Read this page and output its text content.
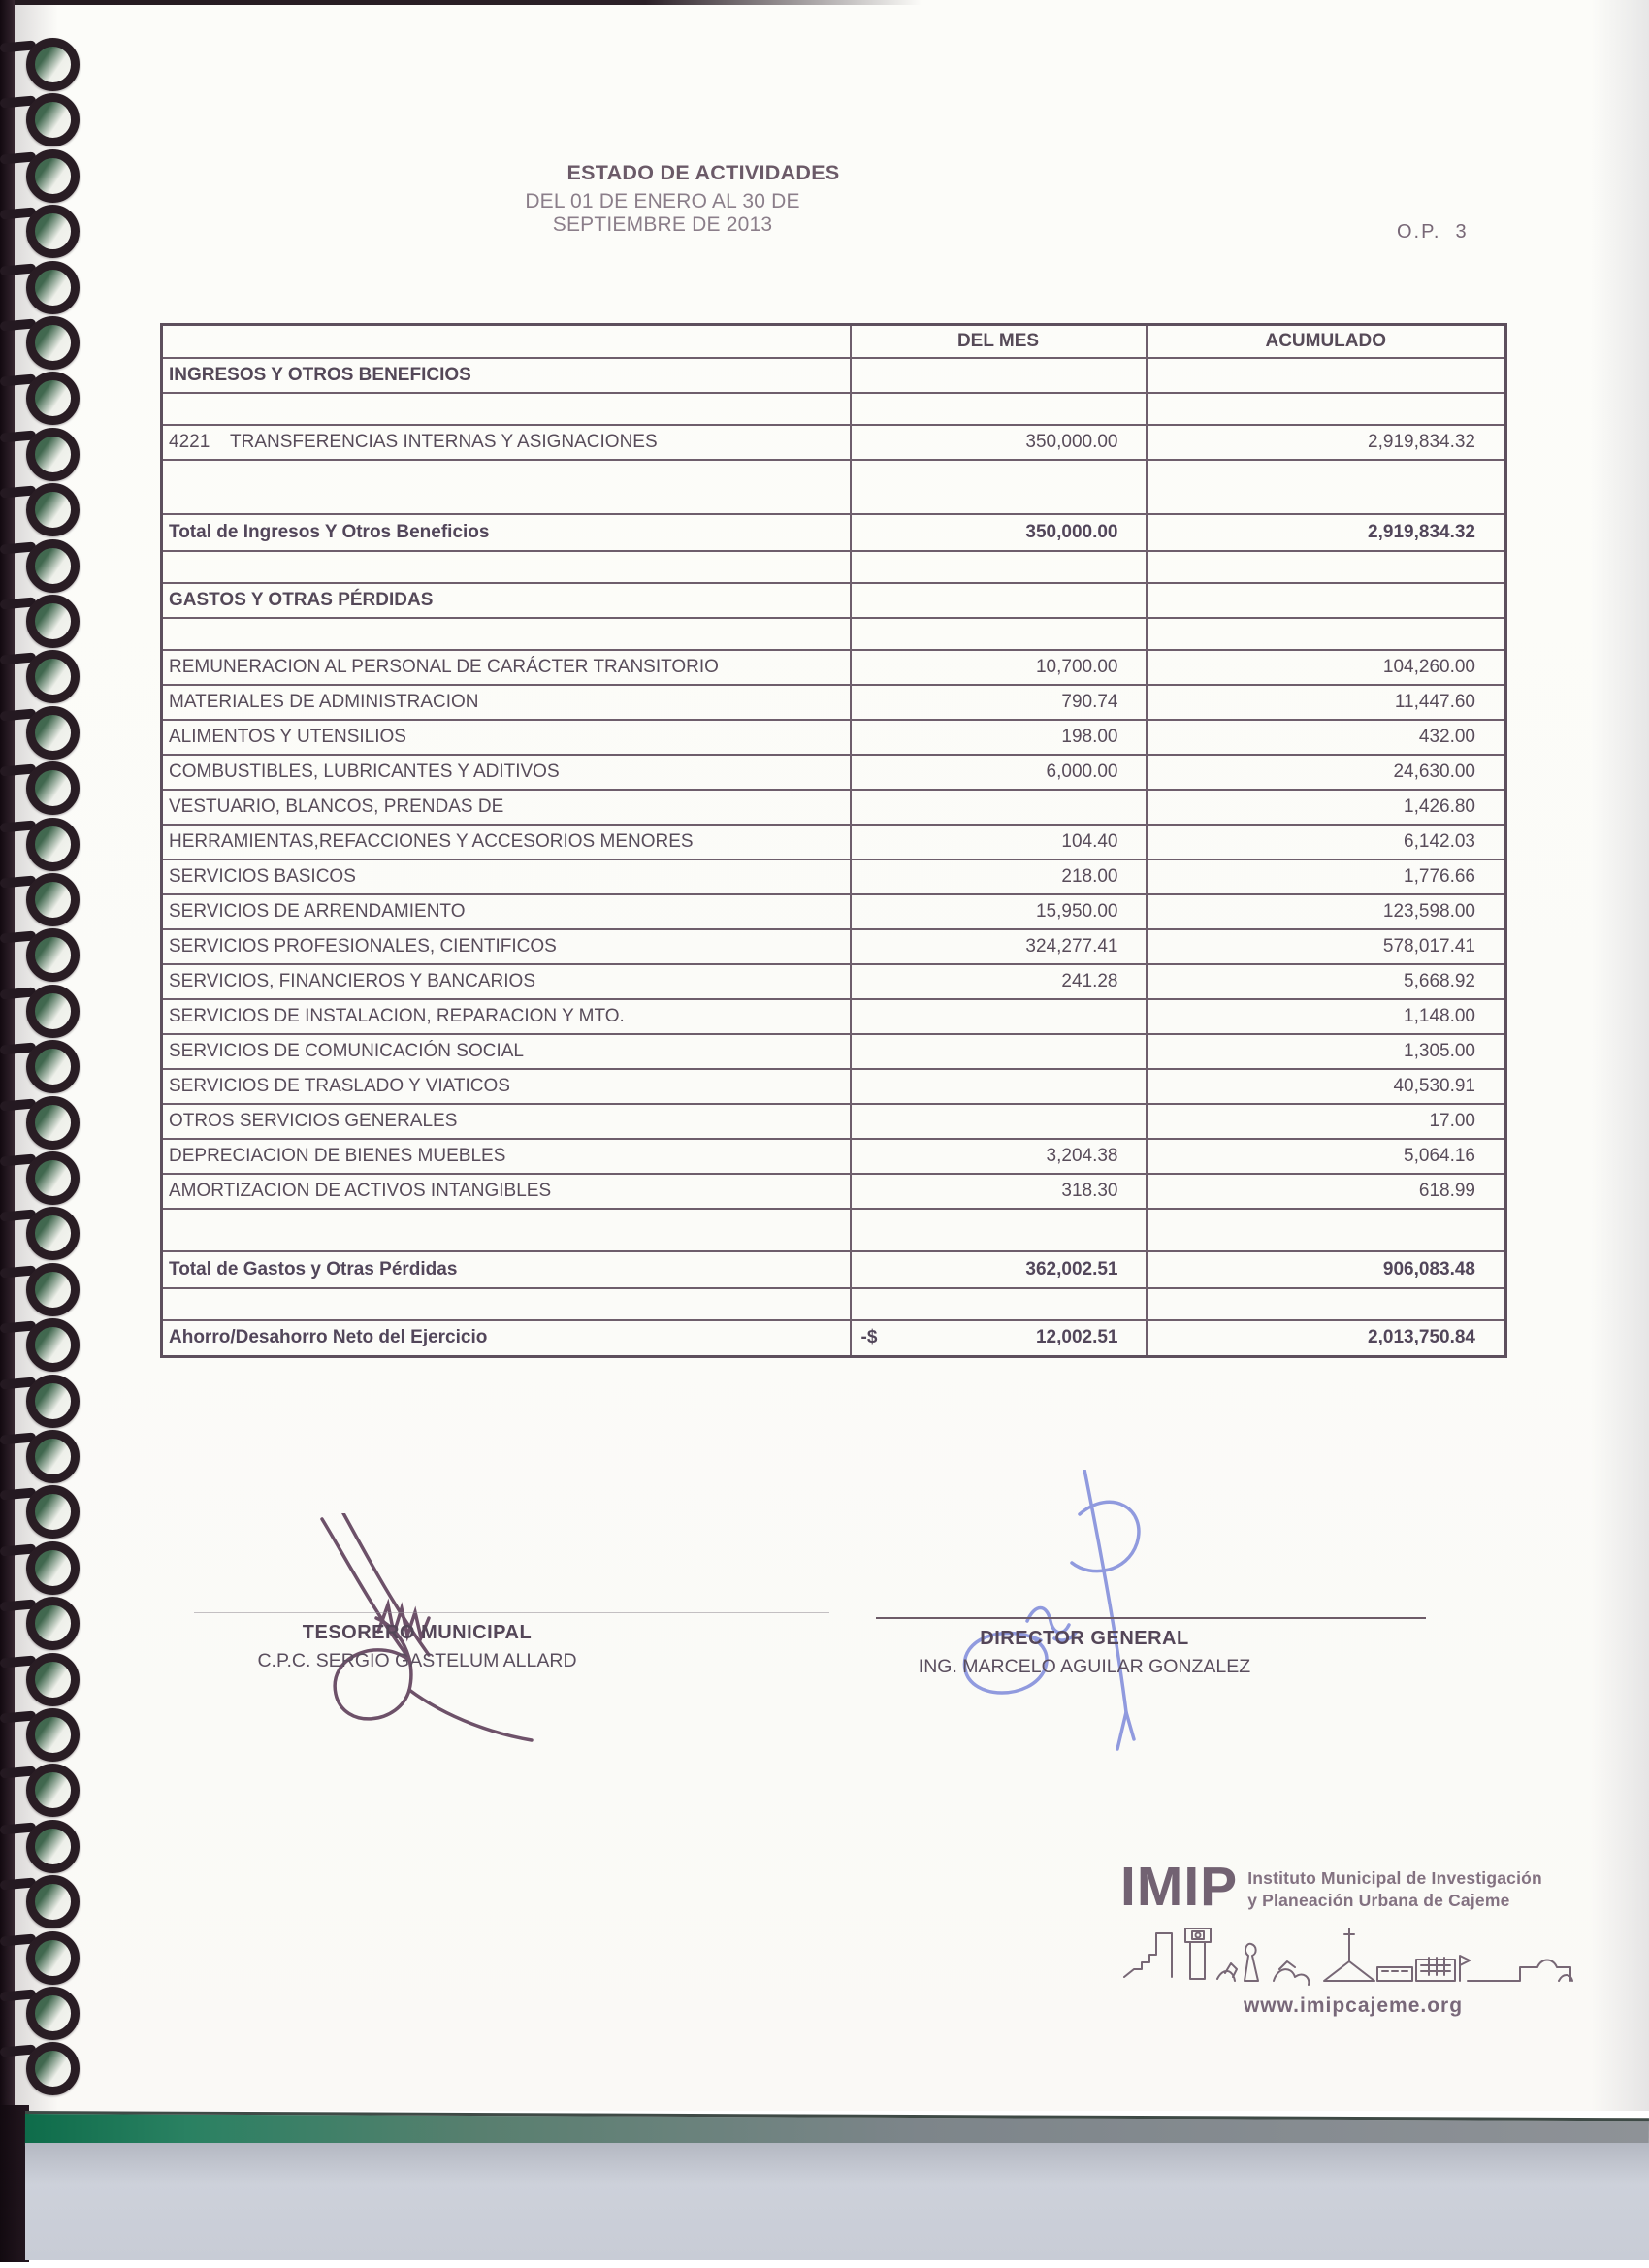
ESTADO DE ACTIVIDADES
DEL 01 DE ENERO AL 30 DE SEPTIEMBRE DE 2013	O.P.  3
	DEL MES	ACUMULADO
INGRESOS Y OTROS BENEFICIOS		

4221    TRANSFERENCIAS INTERNAS Y ASIGNACIONES	350,000.00	2,919,834.32

Total de Ingresos Y Otros Beneficios	350,000.00	2,919,834.32

GASTOS Y OTRAS PÉRDIDAS		

REMUNERACION AL PERSONAL DE CARÁCTER TRANSITORIO	10,700.00	104,260.00
MATERIALES DE ADMINISTRACION	790.74	11,447.60
ALIMENTOS Y UTENSILIOS	198.00	432.00
COMBUSTIBLES, LUBRICANTES Y ADITIVOS	6,000.00	24,630.00
VESTUARIO, BLANCOS, PRENDAS DE		1,426.80
HERRAMIENTAS,REFACCIONES Y ACCESORIOS MENORES	104.40	6,142.03
SERVICIOS BASICOS	218.00	1,776.66
SERVICIOS DE ARRENDAMIENTO	15,950.00	123,598.00
SERVICIOS PROFESIONALES, CIENTIFICOS	324,277.41	578,017.41
SERVICIOS, FINANCIEROS Y BANCARIOS	241.28	5,668.92
SERVICIOS DE INSTALACION, REPARACION Y MTO.		1,148.00
SERVICIOS DE COMUNICACIÓN SOCIAL		1,305.00
SERVICIOS DE TRASLADO Y VIATICOS		40,530.91
OTROS SERVICIOS GENERALES		17.00
DEPRECIACION DE BIENES MUEBLES	3,204.38	5,064.16
AMORTIZACION DE ACTIVOS INTANGIBLES	318.30	618.99

Total de Gastos y Otras Pérdidas	362,002.51	906,083.48

Ahorro/Desahorro Neto del Ejercicio	-$ 12,002.51	2,013,750.84
TESORERO MUNICIPAL
C.P.C. SERGIO GASTELUM ALLARD
DIRECTOR GENERAL
ING. MARCELO AGUILAR GONZALEZ
IMIP Instituto Municipal de Investigación
y Planeación Urbana de Cajeme
www.imipcajeme.org
